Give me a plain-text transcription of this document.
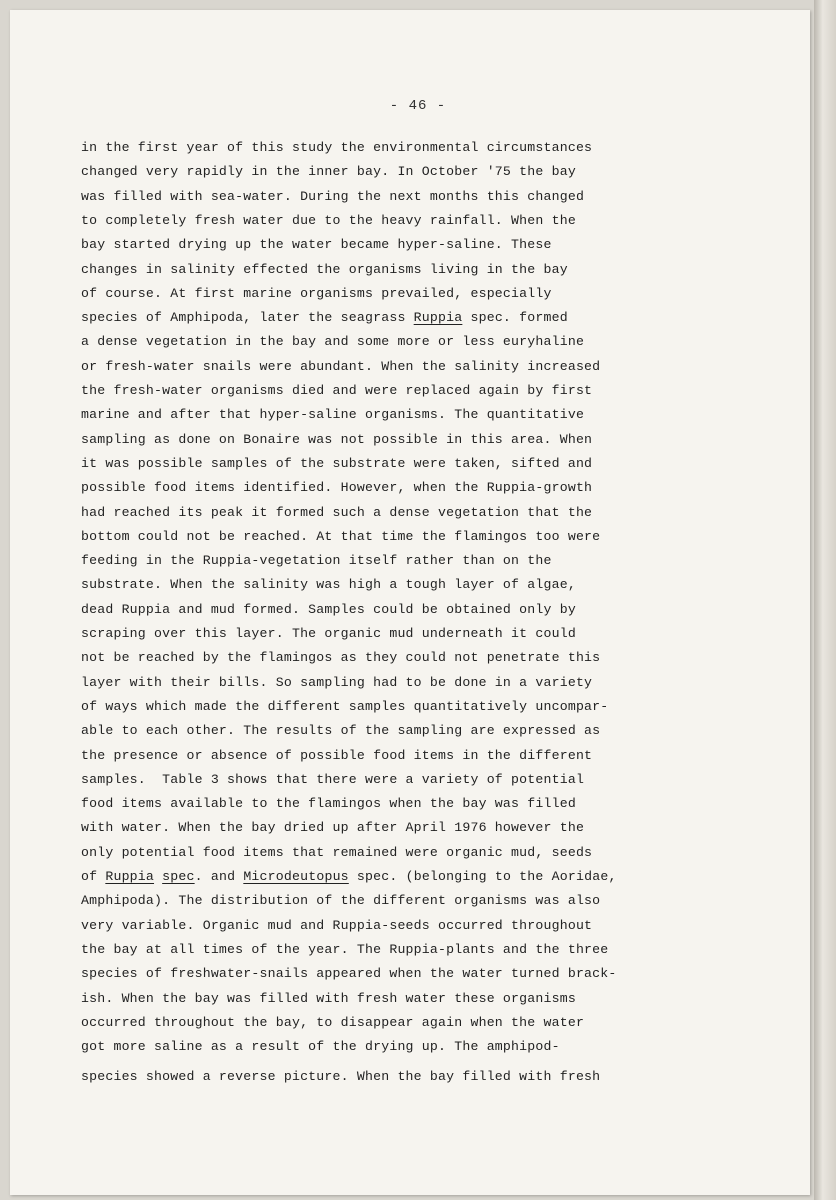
- 46 -
in the first year of this study the environmental circumstances
changed very rapidly in the inner bay. In October '75 the bay
was filled with sea-water. During the next months this changed
to completely fresh water due to the heavy rainfall. When the
bay started drying up the water became hyper-saline. These
changes in salinity effected the organisms living in the bay
of course. At first marine organisms prevailed, especially
species of Amphipoda, later the seagrass Ruppia spec. formed
a dense vegetation in the bay and some more or less euryhaline
or fresh-water snails were abundant. When the salinity increased
the fresh-water organisms died and were replaced again by first
marine and after that hyper-saline organisms. The quantitative
sampling as done on Bonaire was not possible in this area. When
it was possible samples of the substrate were taken, sifted and
possible food items identified. However, when the Ruppia-growth
had reached its peak it formed such a dense vegetation that the
bottom could not be reached. At that time the flamingos too were
feeding in the Ruppia-vegetation itself rather than on the
substrate. When the salinity was high a tough layer of algae,
dead Ruppia and mud formed. Samples could be obtained only by
scraping over this layer. The organic mud underneath it could
not be reached by the flamingos as they could not penetrate this
layer with their bills. So sampling had to be done in a variety
of ways which made the different samples quantitatively uncompar-
able to each other. The results of the sampling are expressed as
the presence or absence of possible food items in the different
samples.  Table 3 shows that there were a variety of potential
food items available to the flamingos when the bay was filled
with water. When the bay dried up after April 1976 however the
only potential food items that remained were organic mud, seeds
of Ruppia spec. and Microdeutopus spec. (belonging to the Aoridae,
Amphipoda). The distribution of the different organisms was also
very variable. Organic mud and Ruppia-seeds occurred throughout
the bay at all times of the year. The Ruppia-plants and the three
species of freshwater-snails appeared when the water turned brack-
ish. When the bay was filled with fresh water these organisms
occurred throughout the bay, to disappear again when the water
got more saline as a result of the drying up. The amphipod-
species showed a reverse picture. When the bay filled with fresh
